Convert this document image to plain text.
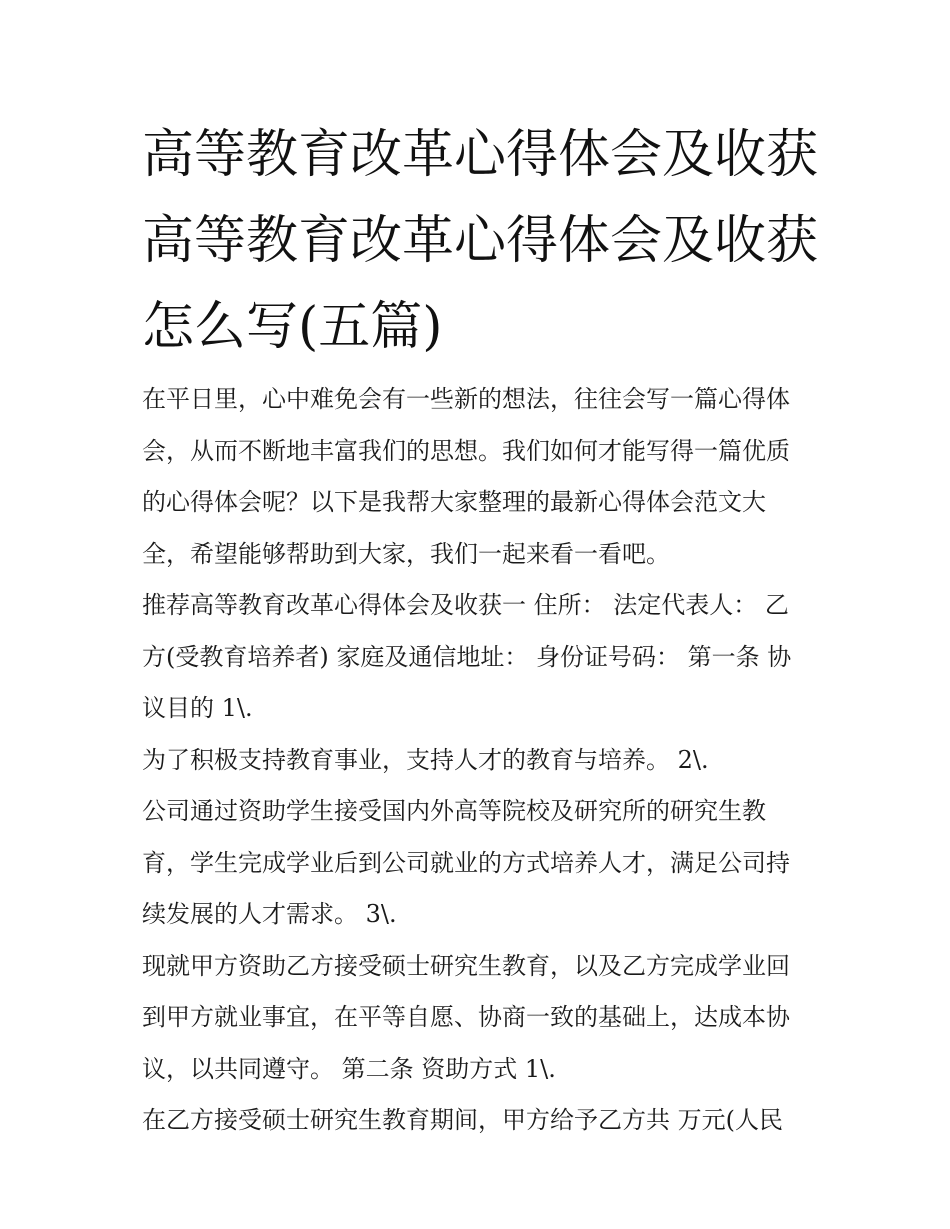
高等教育改革心得体会及收获
高等教育改革心得体会及收获
怎么写(五篇)

在平日里，心中难免会有一些新的想法，往往会写一篇心得体
会，从而不断地丰富我们的思想。我们如何才能写得一篇优质
的心得体会呢？以下是我帮大家整理的最新心得体会范文大
全，希望能够帮助到大家，我们一起来看一看吧。

推荐高等教育改革心得体会及收获一 住所： 法定代表人： 乙
方(受教育培养者) 家庭及通信地址： 身份证号码： 第一条 协
议目的 1\.

为了积极支持教育事业，支持人才的教育与培养。 2\.

公司通过资助学生接受国内外高等院校及研究所的研究生教
育，学生完成学业后到公司就业的方式培养人才，满足公司持
续发展的人才需求。 3\.

现就甲方资助乙方接受硕士研究生教育，以及乙方完成学业回
到甲方就业事宜，在平等自愿、协商一致的基础上，达成本协
议，以共同遵守。 第二条 资助方式 1\.

在乙方接受硕士研究生教育期间，甲方给予乙方共 万元(人民
